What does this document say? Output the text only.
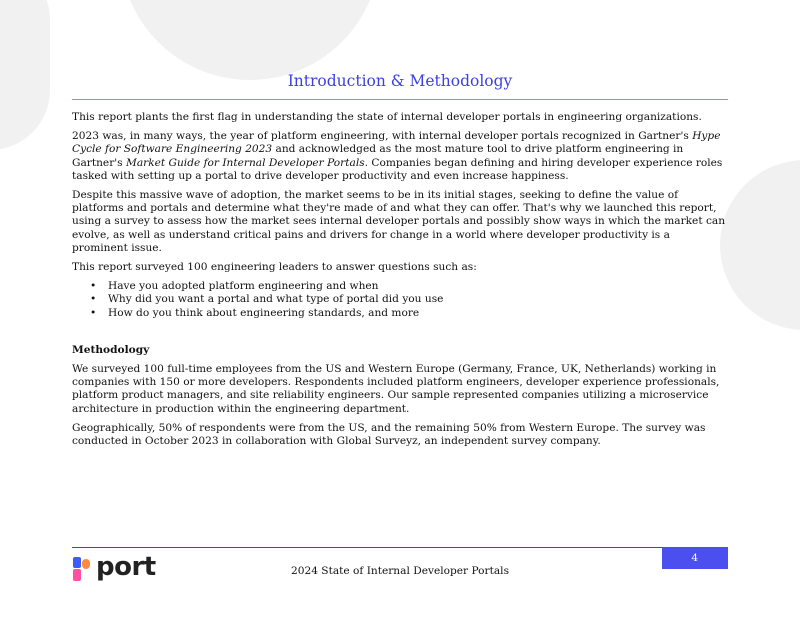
Introduction & Methodology

This report plants the first flag in understanding the state of internal developer portals in engineering organizations.

2023 was, in many ways, the year of platform engineering, with internal developer portals recognized in Gartner's Hype Cycle for Software Engineering 2023 and acknowledged as the most mature tool to drive platform engineering in Gartner's Market Guide for Internal Developer Portals. Companies began defining and hiring developer experience roles tasked with setting up a portal to drive developer productivity and even increase happiness.

Despite this massive wave of adoption, the market seems to be in its initial stages, seeking to define the value of platforms and portals and determine what they're made of and what they can offer. That's why we launched this report, using a survey to assess how the market sees internal developer portals and possibly show ways in which the market can evolve, as well as understand critical pains and drivers for change in a world where developer productivity is a prominent issue.

This report surveyed 100 engineering leaders to answer questions such as:

• Have you adopted platform engineering and when
• Why did you want a portal and what type of portal did you use
• How do you think about engineering standards, and more
Methodology

We surveyed 100 full-time employees from the US and Western Europe (Germany, France, UK, Netherlands) working in companies with 150 or more developers. Respondents included platform engineers, developer experience professionals, platform product managers, and site reliability engineers. Our sample represented companies utilizing a microservice architecture in production within the engineering department.

Geographically, 50% of respondents were from the US, and the remaining 50% from Western Europe. The survey was conducted in October 2023 in collaboration with Global Surveyz, an independent survey company.

4
port	2024 State of Internal Developer Portals
